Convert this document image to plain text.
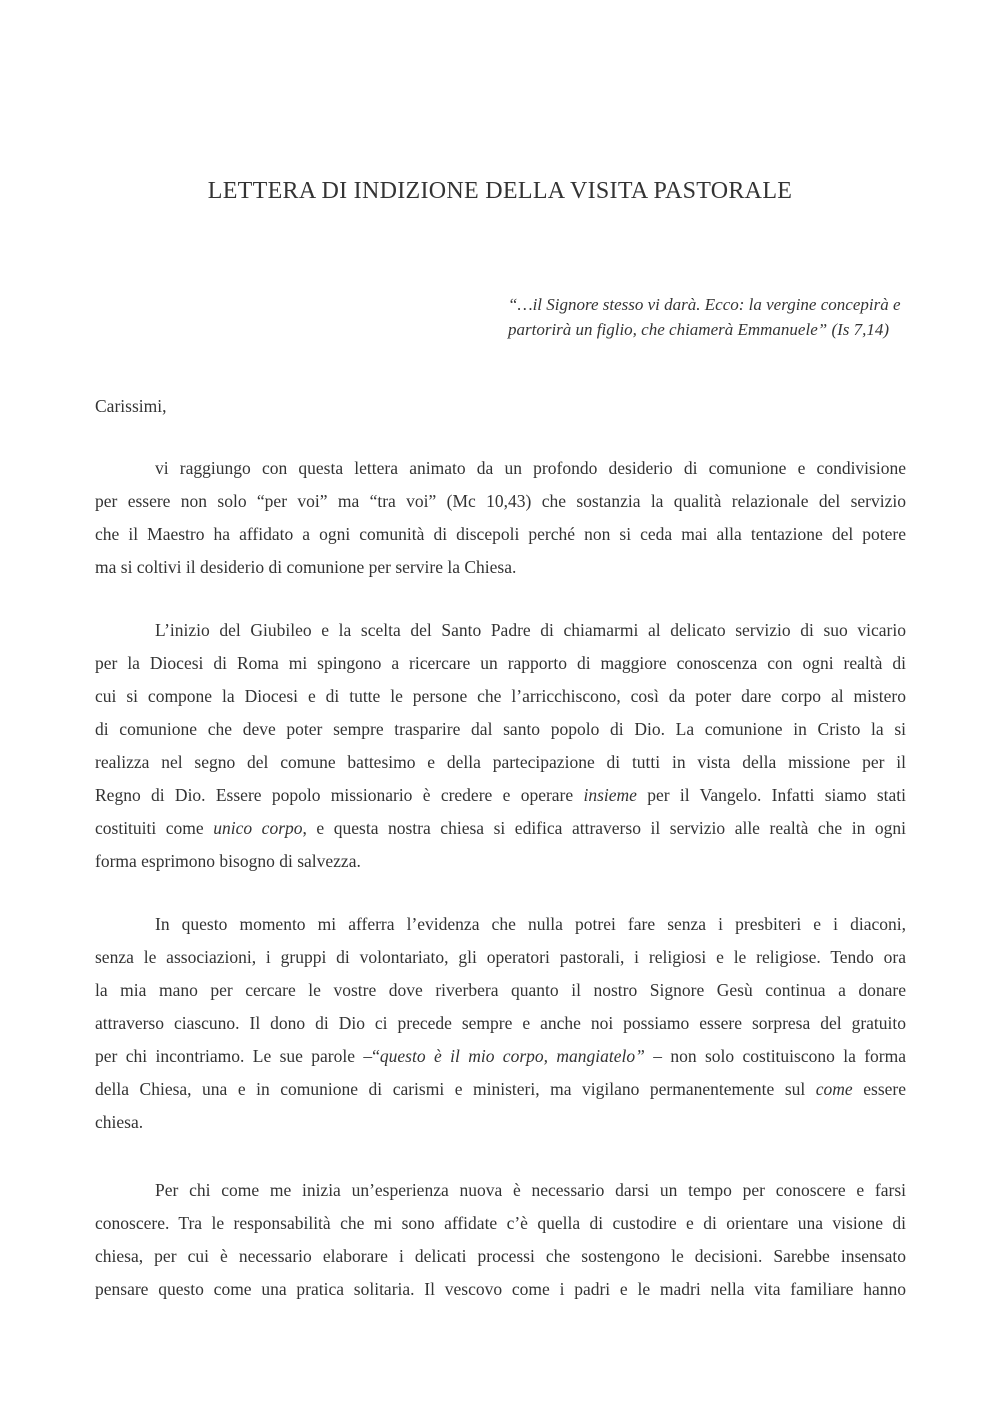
LETTERA DI INDIZIONE DELLA VISITA PASTORALE
“…il Signore stesso vi darà. Ecco: la vergine concepirà e
partorirà un figlio, che chiamerà Emmanuele” (Is 7,14)
Carissimi,
vi raggiungo con questa lettera animato da un profondo desiderio di comunione e condivisione
per essere non solo “per voi” ma “tra voi” (Mc 10,43) che sostanzia la qualità relazionale del servizio
che il Maestro ha affidato a ogni comunità di discepoli perché non si ceda mai alla tentazione del potere
ma si coltivi il desiderio di comunione per servire la Chiesa.
L’inizio del Giubileo e la scelta del Santo Padre di chiamarmi al delicato servizio di suo vicario
per la Diocesi di Roma mi spingono a ricercare un rapporto di maggiore conoscenza con ogni realtà di
cui si compone la Diocesi e di tutte le persone che l’arricchiscono, così da poter dare corpo al mistero
di comunione che deve poter sempre trasparire dal santo popolo di Dio. La comunione in Cristo la si
realizza nel segno del comune battesimo e della partecipazione di tutti in vista della missione per il
Regno di Dio. Essere popolo missionario è credere e operare insieme per il Vangelo. Infatti siamo stati
costituiti come unico corpo, e questa nostra chiesa si edifica attraverso il servizio alle realtà che in ogni
forma esprimono bisogno di salvezza.
In questo momento mi afferra l’evidenza che nulla potrei fare senza i presbiteri e i diaconi,
senza le associazioni, i gruppi di volontariato, gli operatori pastorali, i religiosi e le religiose. Tendo ora
la mia mano per cercare le vostre dove riverbera quanto il nostro Signore Gesù continua a donare
attraverso ciascuno. Il dono di Dio ci precede sempre e anche noi possiamo essere sorpresa del gratuito
per chi incontriamo. Le sue parole –“questo è il mio corpo, mangiatelo” – non solo costituiscono la forma
della Chiesa, una e in comunione di carismi e ministeri, ma vigilano permanentemente sul come essere
chiesa.
Per chi come me inizia un’esperienza nuova è necessario darsi un tempo per conoscere e farsi
conoscere. Tra le responsabilità che mi sono affidate c’è quella di custodire e di orientare una visione di
chiesa, per cui è necessario elaborare i delicati processi che sostengono le decisioni. Sarebbe insensato
pensare questo come una pratica solitaria. Il vescovo come i padri e le madri nella vita familiare hanno
